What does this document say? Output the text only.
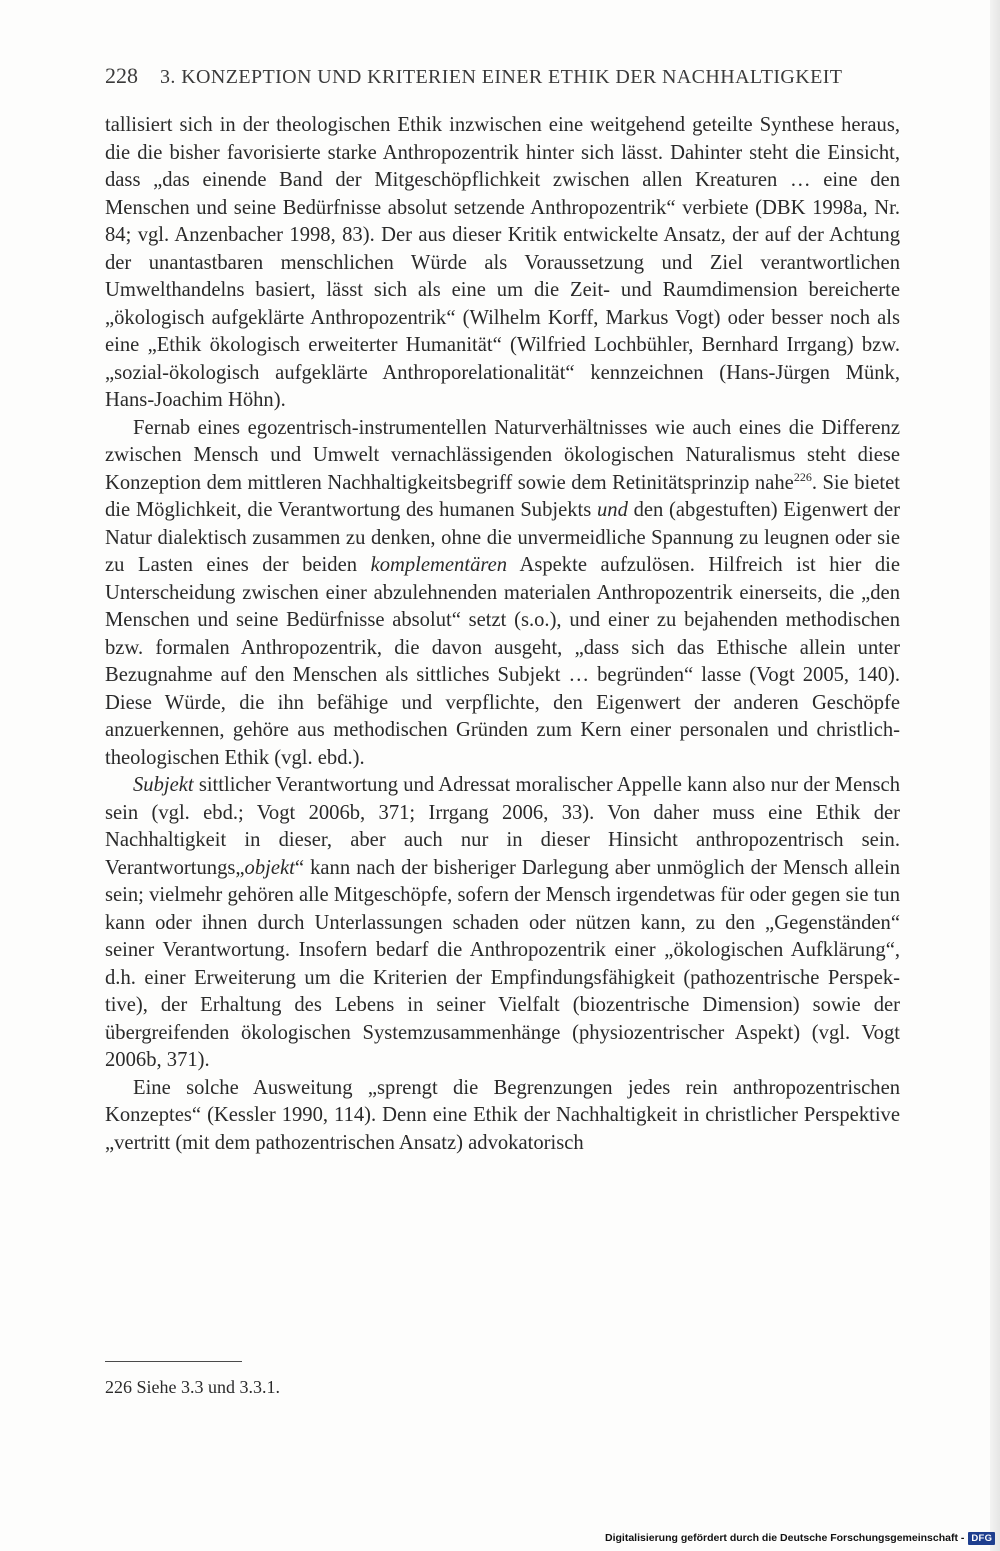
228 3. KONZEPTION UND KRITERIEN EINER ETHIK DER NACHHALTIGKEIT

tallisiert sich in der theologischen Ethik inzwischen eine weitgehend geteilte Synthese heraus, die die bisher favorisierte starke Anthropozentrik hinter sich lässt. Dahinter steht die Einsicht, dass „das einende Band der Mitgeschöpflichkeit zwischen allen Kreaturen … eine den Menschen und seine Bedürfnisse absolut setzende Anthropozentrik“ verbiete (DBK 1998a, Nr. 84; vgl. Anzenbacher 1998, 83). Der aus dieser Kritik entwickelte Ansatz, der auf der Achtung der unantastbaren menschlichen Würde als Voraussetzung und Ziel verantwortlichen Umwelthandelns basiert, lässt sich als eine um die Zeit- und Raumdimension bereicherte „ökologisch aufgeklärte Anthropozentrik“ (Wilhelm Korff, Markus Vogt) oder besser noch als eine „Ethik ökologisch erweiterter Humanität“ (Wilfried Lochbühler, Bernhard Irrgang) bzw. „sozial-ökologisch aufgeklärte Anthroporelationalität“ kennzeichnen (Hans-Jürgen Münk, Hans-Joachim Höhn).

Fernab eines egozentrisch-instrumentellen Naturverhältnisses wie auch eines die Differenz zwischen Mensch und Umwelt vernachlässigenden ökologischen Naturalismus steht diese Konzeption dem mittleren Nachhaltigkeitsbegriff sowie dem Retinitätsprinzip nahe$^{226}$. Sie bietet die Möglichkeit, die Verantwortung des humanen Subjekts und den (abgestuften) Eigenwert der Natur dialektisch zusammen zu denken, ohne die unvermeidliche Spannung zu leugnen oder sie zu Lasten eines der beiden komplementären Aspekte aufzulösen. Hilfreich ist hier die Unterscheidung zwischen einer abzulehnenden materialen Anthropozentrik einerseits, die „den Menschen und seine Bedürfnisse absolut“ setzt (s.o.), und einer zu bejahenden methodischen bzw. formalen Anthropozentrik, die davon ausgeht, „dass sich das Ethische allein unter Bezugnahme auf den Menschen als sittliches Subjekt … begründen“ lasse (Vogt 2005, 140). Diese Würde, die ihn befähige und verpflichte, den Eigenwert der anderen Geschöpfe anzuerkennen, gehöre aus methodischen Gründen zum Kern einer personalen und christlich-theologischen Ethik (vgl. ebd.).

Subjekt sittlicher Verantwortung und Adressat moralischer Appelle kann also nur der Mensch sein (vgl. ebd.; Vogt 2006b, 371; Irrgang 2006, 33). Von daher muss eine Ethik der Nachhaltigkeit in dieser, aber auch nur in dieser Hinsicht anthropozentrisch sein. Verantwortungs„objekt“ kann nach der bisheriger Darlegung aber unmöglich der Mensch allein sein; vielmehr gehören alle Mitgeschöpfe, sofern der Mensch irgendetwas für oder gegen sie tun kann oder ihnen durch Unterlassungen schaden oder nützen kann, zu den „Gegenständen“ seiner Verantwortung. Insofern bedarf die Anthropozentrik einer „ökologischen Aufklärung“, d.h. einer Erweiterung um die Kriterien der Empfindungsfähigkeit (pathozentrische Perspektive), der Erhaltung des Lebens in seiner Vielfalt (biozentrische Dimension) sowie der übergreifenden ökologischen Systemzusammenhänge (physiozentrischer Aspekt) (vgl. Vogt 2006b, 371).

Eine solche Ausweitung „sprengt die Begrenzungen jedes rein anthropozentrischen Konzeptes“ (Kessler 1990, 114). Denn eine Ethik der Nachhaltigkeit in christlicher Perspektive „vertritt (mit dem pathozentrischen Ansatz) advokatorisch

226 Siehe 3.3 und 3.3.1.
Digitalisierung gefördert durch die Deutsche Forschungsgemeinschaft - DFG
